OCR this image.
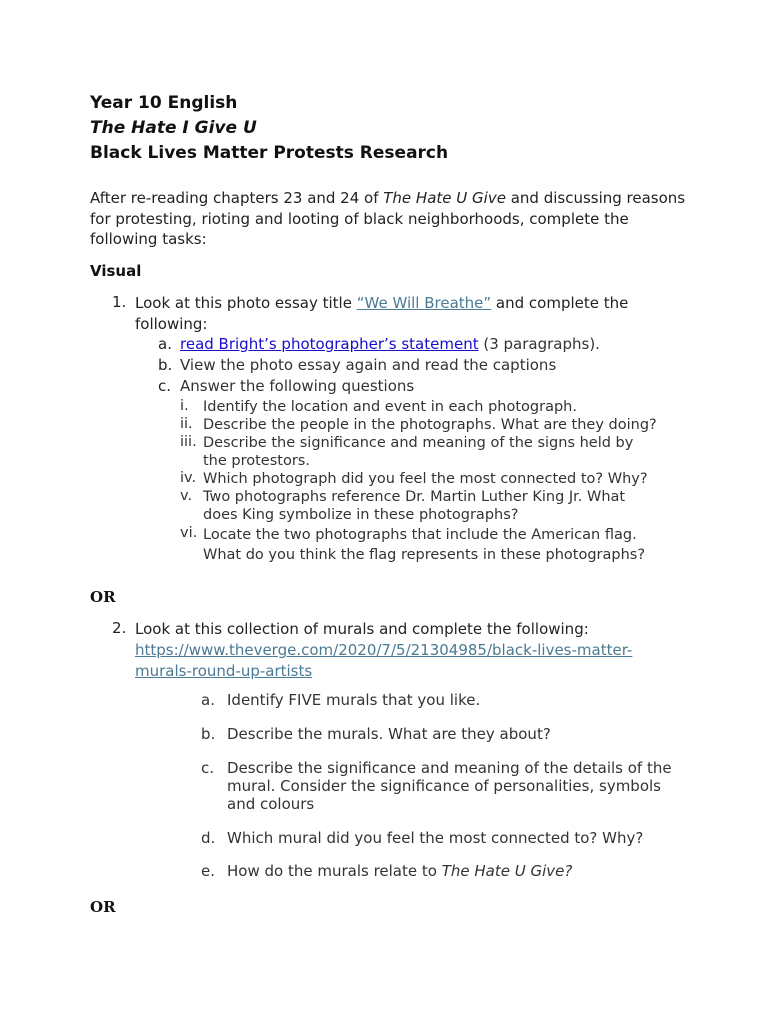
Year 10 English
The Hate I Give U
Black Lives Matter Protests Research
After re-reading chapters 23 and 24 of The Hate U Give and discussing reasons for protesting, rioting and looting of black neighborhoods, complete the following tasks:
Visual
1. Look at this photo essay title “We Will Breathe” and complete the following:
a. read Bright’s photographer’s statement (3 paragraphs).
b. View the photo essay again and read the captions
c. Answer the following questions
i. Identify the location and event in each photograph.
ii. Describe the people in the photographs. What are they doing?
iii. Describe the significance and meaning of the signs held by the protestors.
iv. Which photograph did you feel the most connected to? Why?
v. Two photographs reference Dr. Martin Luther King Jr. What does King symbolize in these photographs?
vi. Locate the two photographs that include the American flag. What do you think the flag represents in these photographs?
OR
2. Look at this collection of murals and complete the following:
https://www.theverge.com/2020/7/5/21304985/black-lives-matter-murals-round-up-artists
a. Identify FIVE murals that you like.
b. Describe the murals. What are they about?
c. Describe the significance and meaning of the details of the mural. Consider the significance of personalities, symbols and colours
d. Which mural did you feel the most connected to? Why?
e. How do the murals relate to The Hate U Give?
OR
